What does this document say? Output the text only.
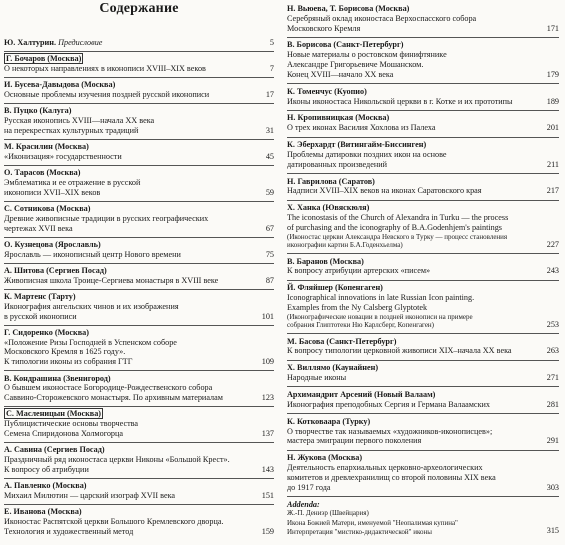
Содержание
Ю. Халтурин. Предисловие	5
Г. Бочаров (Москва)
О некоторых направлениях в иконописи XVIII–XIX веков	7
И. Бусева-Давыдова (Москва)
Основные проблемы изучения поздней русской иконописи	17
В. Пуцко (Калуга)
Русская иконопись XVIII—начала XX века
на перекрестках культурных традиций	31
М. Красилин (Москва)
«Иконизация» государственности	45
О. Тарасов (Москва)
Эмблематика и ее отражение в русской
иконописи XVII–XIX веков	59
С. Сотникова (Москва)
Древние живописные традиции в русских географических
чертежах XVII века	67
О. Кузнецова (Ярославль)
Ярославль — иконописный центр Нового времени	75
А. Шитова (Сергиев Посад)
Живописная школа Троице-Сергиева монастыря в XVIII веке	87
К. Мартенс (Тарту)
Иконография ангельских чинов и их изображения
в русской иконописи	101
Г. Сидоренко (Москва)
«Положение Ризы Господней в Успенском соборе
Московского Кремля в 1625 году».
К типологии иконы из собрания ГТГ	109
В. Кондрашина (Звенигород)
О бывшем иконостасе Богородице-Рождественского собора
Саввино-Сторожевского монастыря. По архивным материалам	123
С. Масленицын (Москва)
Публицистические основы творчества
Семена Спиридонова Холмогорца	137
А. Савина (Сергиев Посад)
Праздничный ряд иконостаса церкви Никоны «Большой Крест».
К вопросу об атрибуции	143
А. Павленко (Москва)
Михаил Милютин — царский изограф XVII века	151
Е. Иванова (Москва)
Иконостас Распятской церкви Большого Кремлевского дворца.
Технология и художественный метод	159
Н. Вьюева, Т. Борисова (Москва)
Серебряный оклад иконостаса Верхоспасского собора
Московского Кремля	171
В. Борисова (Санкт-Петербург)
Новые материалы о ростовском финифтянике
Александре Григорьевиче Мошанском.
Конец XVIII—начало XX века	179
К. Томенчус (Куопио)
Иконы иконостаса Никольской церкви в г. Котке и их прототипы	189
Н. Кропивницкая (Москва)
О трех иконах Василия Хохлова из Палеха	201
К. Эберхардт (Витингайм-Биссинген)
Проблемы датировки поздних икон на основе
датированных произведений	211
Н. Гаврилова (Саратов)
Надписи XVIII–XIX веков на иконах Саратовского края	217
Х. Ханка (Ювяскюля)
The iconostasis of the Church of Alexandra in Turku — the process
of purchasing and the iconography of B.A.Godenhjem's paintings
(Иконостас церкви Александра Невского в Турку — процесс становления
иконографии картин Б.А.Годенхьелма)	227
В. Баранов (Москва)
К вопросу атрибуции артерских «писем»	243
Й. Фляйшер (Копенгаген)
Iconographical innovations in late Russian Icon painting.
Examples from the Ny Calsberg Glyptotek
(Иконографические новации в поздней иконописи на примере
собрания Глиптотеки Ню Карлсберг, Копенгаген)	253
М. Басова (Санкт-Петербург)
К вопросу типологии церковной живописи XIX–начала XX века	263
Х. Виллямо (Каунайнен)
Народные иконы	271
Архимандрит Арсений (Новый Валаам)
Иконография преподобных Сергия и Германа Валаамских	281
К. Котковаара (Турку)
О творчестве так называемых «художников-иконописцев»;
мастера эмиграции первого поколения	291
Н. Жукова (Москва)
Деятельность епархиальных церковно-археологических
комитетов и древлехранилищ со второй половины XIX века
до 1917 года	303
Addenda:
Ж.-П. Дениэр (Швейцария)
Икона Божией Матери, именуемой "Неопалимая купина"
Интерпретация "мистико-дидактической" иконы	315
